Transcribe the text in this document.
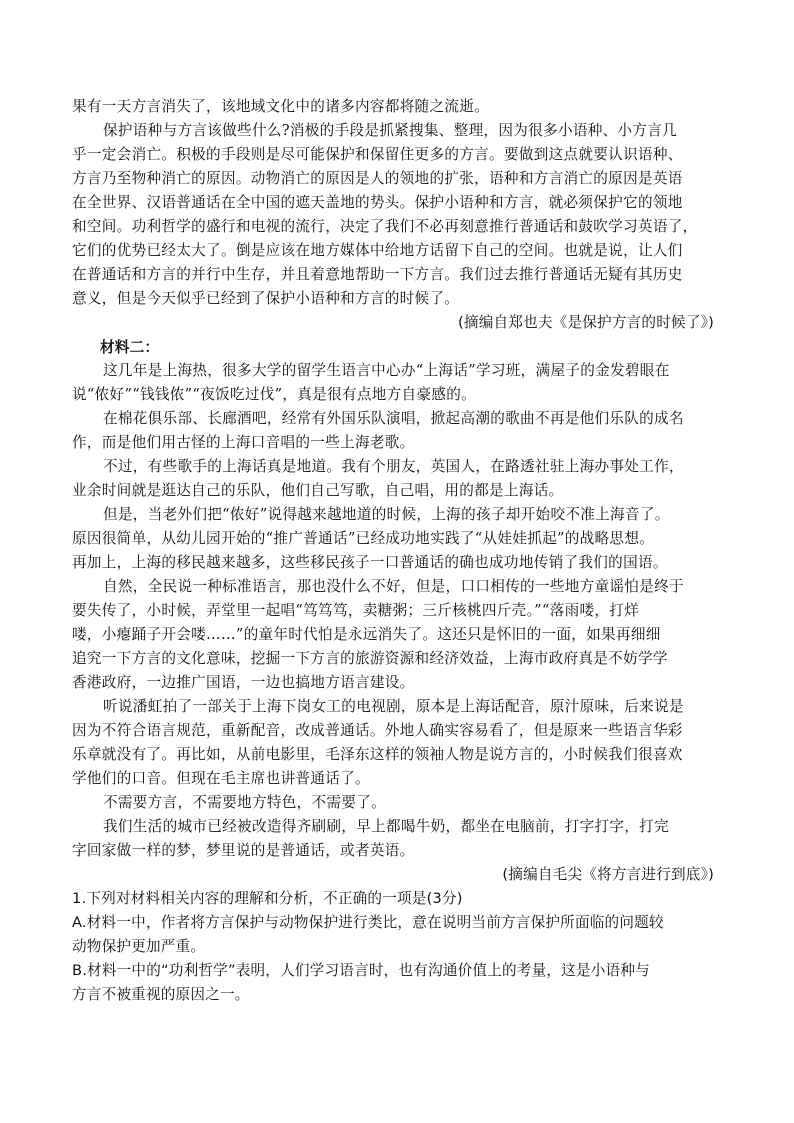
果有一天方言消失了，该地域文化中的诸多内容都将随之流逝。
保护语种与方言该做些什么?消极的手段是抓紧搜集、整理，因为很多小语种、小方言几
乎一定会消亡。积极的手段则是尽可能保护和保留住更多的方言。要做到这点就要认识语种、
方言乃至物种消亡的原因。动物消亡的原因是人的领地的扩张，语种和方言消亡的原因是英语
在全世界、汉语普通话在全中国的遮天盖地的势头。保护小语种和方言，就必须保护它的领地
和空间。功利哲学的盛行和电视的流行，决定了我们不必再刻意推行普通话和鼓吹学习英语了，
它们的优势已经太大了。倒是应该在地方媒体中给地方话留下自己的空间。也就是说，让人们
在普通话和方言的并行中生存，并且着意地帮助一下方言。我们过去推行普通话无疑有其历史
意义，但是今天似乎已经到了保护小语种和方言的时候了。
(摘编自郑也夫《是保护方言的时候了》)
材料二：
这几年是上海热，很多大学的留学生语言中心办“上海话”学习班，满屋子的金发碧眼在
说“侬好”“钱钱侬”“夜饭吃过伐”，真是很有点地方自豪感的。
在棉花俱乐部、长廊酒吧，经常有外国乐队演唱，掀起高潮的歌曲不再是他们乐队的成名
作，而是他们用古怪的上海口音唱的一些上海老歌。
不过，有些歌手的上海话真是地道。我有个朋友，英国人，在路透社驻上海办事处工作，
业余时间就是逛达自己的乐队，他们自己写歌，自己唱，用的都是上海话。
但是，当老外们把“侬好”说得越来越地道的时候，上海的孩子却开始咬不准上海音了。
原因很简单，从幼儿园开始的“推广普通话”已经成功地实践了“从娃娃抓起”的战略思想。
再加上，上海的移民越来越多，这些移民孩子一口普通话的确也成功地传销了我们的国语。
自然，全民说一种标准语言，那也没什么不好，但是，口口相传的一些地方童谣怕是终于
要失传了，小时候，弄堂里一起唱“笃笃笃，卖糖粥；三斤核桃四斤壳。”“落雨喽，打烊
喽，小瘪踊子开会喽……”的童年时代怕是永远消失了。这还只是怀旧的一面，如果再细细
追究一下方言的文化意味，挖掘一下方言的旅游资源和经济效益，上海市政府真是不妨学学
香港政府，一边推广国语，一边也搞地方语言建设。
听说潘虹拍了一部关于上海下岗女工的电视剧，原本是上海话配音，原汁原味，后来说是
因为不符合语言规范，重新配音，改成普通话。外地人确实容易看了，但是原来一些语言华彩
乐章就没有了。再比如，从前电影里，毛泽东这样的领袖人物是说方言的，小时候我们很喜欢
学他们的口音。但现在毛主席也讲普通话了。
不需要方言，不需要地方特色，不需要了。
我们生活的城市已经被改造得齐刷刷，早上都喝牛奶，都坐在电脑前，打字打字，打完
字回家做一样的梦，梦里说的是普通话，或者英语。
(摘编自毛尖《将方言进行到底》)
1.下列对材料相关内容的理解和分析，不正确的一项是(3分)
A.材料一中，作者将方言保护与动物保护进行类比，意在说明当前方言保护所面临的问题较
动物保护更加严重。
B.材料一中的“功利哲学”表明，人们学习语言时，也有沟通价值上的考量，这是小语种与
方言不被重视的原因之一。
